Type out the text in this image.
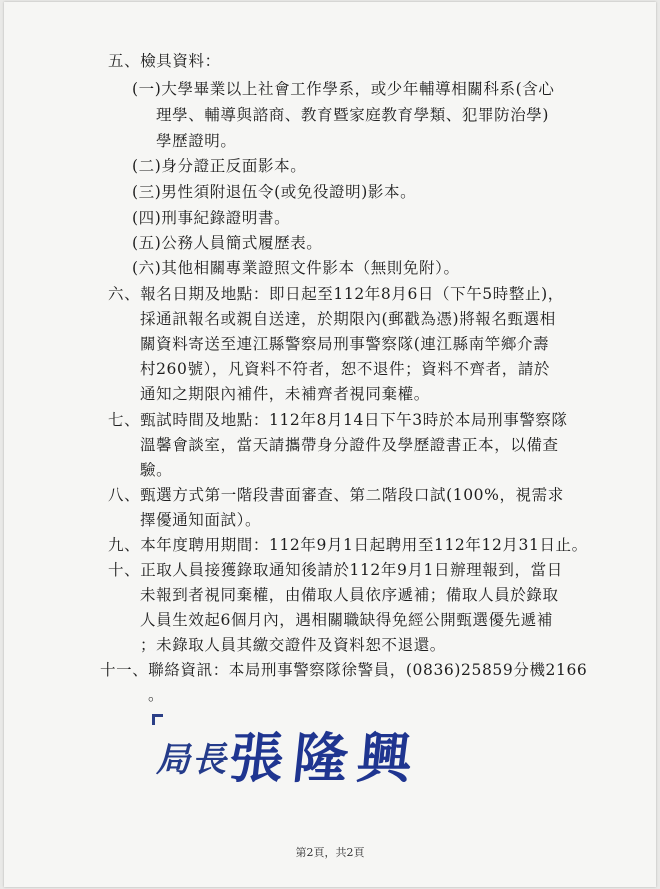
五、檢具資料：
(一)大學畢業以上社會工作學系，或少年輔導相關科系(含心
理學、輔導與諮商、教育暨家庭教育學類、犯罪防治學)
學歷證明。
(二)身分證正反面影本。
(三)男性須附退伍令(或免役證明)影本。
(四)刑事紀錄證明書。
(五)公務人員簡式履歷表。
(六)其他相關專業證照文件影本（無則免附）。
六、報名日期及地點：即日起至112年8月6日（下午5時整止)，
採通訊報名或親自送達，於期限內(郵戳為憑)將報名甄選相
關資料寄送至連江縣警察局刑事警察隊(連江縣南竿鄉介壽
村260號），凡資料不符者，恕不退件；資料不齊者，請於
通知之期限內補件，未補齊者視同棄權。
七、甄試時間及地點：112年8月14日下午3時於本局刑事警察隊
溫馨會談室，當天請攜帶身分證件及學歷證書正本，以備查
驗。
八、甄選方式第一階段書面審查、第二階段口試(100%，視需求
擇優通知面試）。
九、本年度聘用期間：112年9月1日起聘用至112年12月31日止。
十、正取人員接獲錄取通知後請於112年9月1日辦理報到，當日
未報到者視同棄權，由備取人員依序遞補；備取人員於錄取
人員生效起6個月內，遇相關職缺得免經公開甄選優先遞補
；未錄取人員其繳交證件及資料恕不退還。
十一、聯絡資訊：本局刑事警察隊徐警員，(0836)25859分機2166
。
局長
張隆興
第2頁，共2頁
